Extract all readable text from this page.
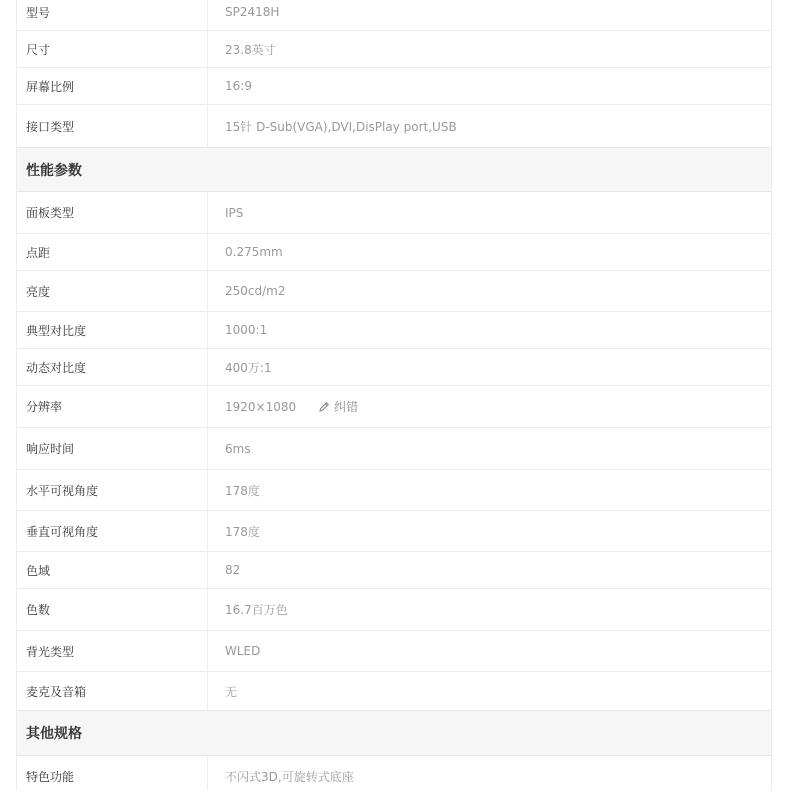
型号	SP2418H
尺寸	23.8英寸
屏幕比例	16:9
接口类型	15针 D-Sub(VGA),DVI,DisPlay port,USB
性能参数
面板类型	IPS
点距	0.275mm
亮度	250cd/m2
典型对比度	1000:1
动态对比度	400万:1
分辨率	1920×1080	纠错
响应时间	6ms
水平可视角度	178度
垂直可视角度	178度
色域	82
色数	16.7百万色
背光类型	WLED
麦克及音箱	无
其他规格
特色功能	不闪式3D,可旋转式底座
